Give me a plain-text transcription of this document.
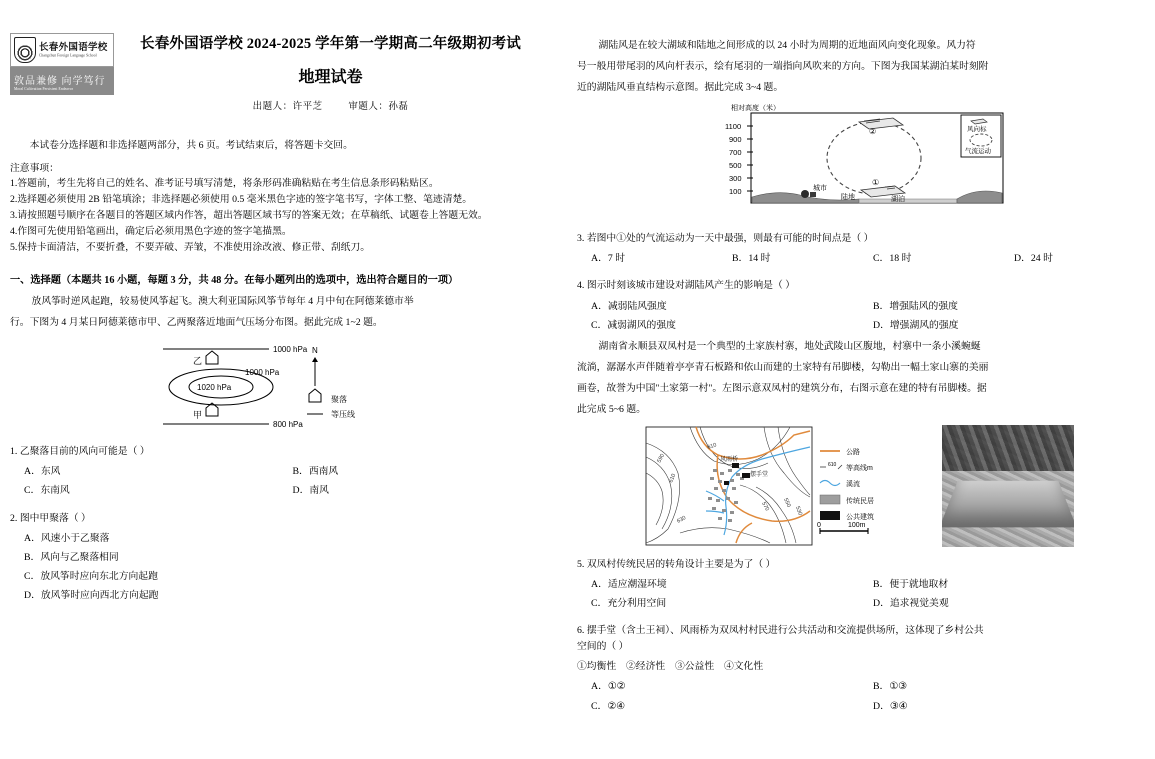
长春外国语学校
Changchun Foreign Language School
敦品兼修 向学笃行
Moral Cultivation Persistent Endeavor
长春外国语学校 2024-2025 学年第一学期高二年级期初考试
地理试卷
出题人：许平芝	审题人：孙磊
本试卷分选择题和非选择题两部分，共 6 页。考试结束后，将答题卡交回。
注意事项：
1.答题前，考生先将自己的姓名、准考证号填写清楚，将条形码准确粘贴在考生信息条形码粘贴区。
2.选择题必须使用 2B 铅笔填涂；非选择题必须使用 0.5 毫米黑色字迹的签字笔书写，字体工整、笔迹清楚。
3.请按照题号顺序在各题目的答题区域内作答，超出答题区域书写的答案无效；在草稿纸、试题卷上答题无效。
4.作图可先使用铅笔画出，确定后必须用黑色字迹的签字笔描黑。
5.保持卡面清洁，不要折叠，不要弄破、弄皱，不准使用涂改液、修正带、刮纸刀。
一、选择题（本题共 16 小题，每题 3 分，共 48 分。在每小题列出的选项中，选出符合题目的一项）
放风筝时逆风起跑，较易使风筝起飞。澳大利亚国际风筝节每年 4 月中旬在阿德莱德市举
行。下图为 4 月某日阿德莱德市甲、乙两聚落近地面气压场分布图。据此完成 1~2 题。
1000 hPa
1000 hPa
1020 hPa
800 hPa
乙
甲
N
聚落
等压线
1. 乙聚落目前的风向可能是（ ）
A．东风	B．西南风
C．东南风	D．南风
2. 图中甲聚落（ ）
A．风速小于乙聚落
B．风向与乙聚落相同
C．放风筝时应向东北方向起跑
D．放风筝时应向西北方向起跑
湖陆风是在较大湖域和陆地之间形成的以 24 小时为周期的近地面风向变化现象。风力符
号一般用带尾羽的风向杆表示，绘有尾羽的一端指向风吹来的方向。下图为我国某湖泊某时刻附
近的湖陆风垂直结构示意图。据此完成 3~4 题。
相对高度（米）
1100
900
700
500
300
100	城市
陆地	湖泊
②
①
风向标
气流运动
3. 若图中①处的气流运动为一天中最强，则最有可能的时间点是（ ）
A．7 时	B．14 时	C．18 时	D．24 时
4. 图示时刻该城市建设对湖陆风产生的影响是（ ）
A．减弱陆风强度	B．增强陆风的强度
C．减弱湖风的强度	D．增强湖风的强度
湖南省永顺县双凤村是一个典型的土家族村寨，地处武陵山区腹地，村寨中一条小溪蜿蜒
流淌，潺潺水声伴随着亭亭青石板路和依山而建的土家特有吊脚楼，勾勒出一幅土家山寨的美丽
画卷，故誉为中国"土家第一村"。左图示意双凤村的建筑分布，右图示意在建的特有吊脚楼。据
此完成 5~6 题。
风雨桥
摆手堂
590
610
630
610
570 550
530
公路
610 等高线m
溪流
传统民居
公共建筑
0	100m
5. 双凤村传统民居的转角设计主要是为了（ ）
A．适应潮湿环境	B．便于就地取材
C．充分利用空间	D．追求视觉美观
6. 摆手堂（含土王祠）、风雨桥为双凤村村民进行公共活动和交流提供场所，这体现了乡村公共
空间的（ ）
①均衡性　②经济性　③公益性　④文化性
A．①②	B．①③
C．②④	D．③④
